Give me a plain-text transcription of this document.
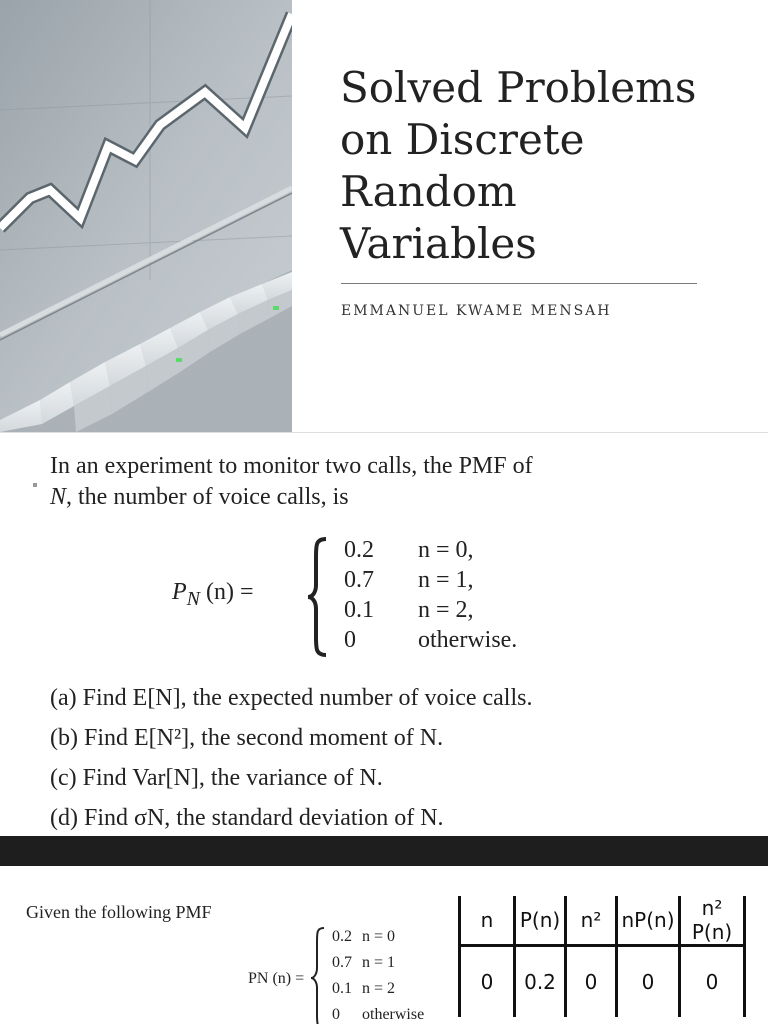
Solved Problems
on Discrete
Random
Variables
EMMANUEL KWAME MENSAH
In an experiment to monitor two calls, the PMF of
N, the number of voice calls, is
$P_N$ (n) =
0.2 n = 0,
0.7 n = 1,
0.1 n = 2,
0	otherwise.
(a) Find E[N], the expected number of voice calls.
(b) Find E[N²], the second moment of N.
(c) Find Var[N], the variance of N.
(d) Find σN, the standard deviation of N.
Given the following PMF
PN (n) =
0.2 n = 0
0.7 n = 1
0.1 n = 2
0 otherwise
n	P(n)	n²	nP(n)	n² P(n)
0	0.2	0	0	0
